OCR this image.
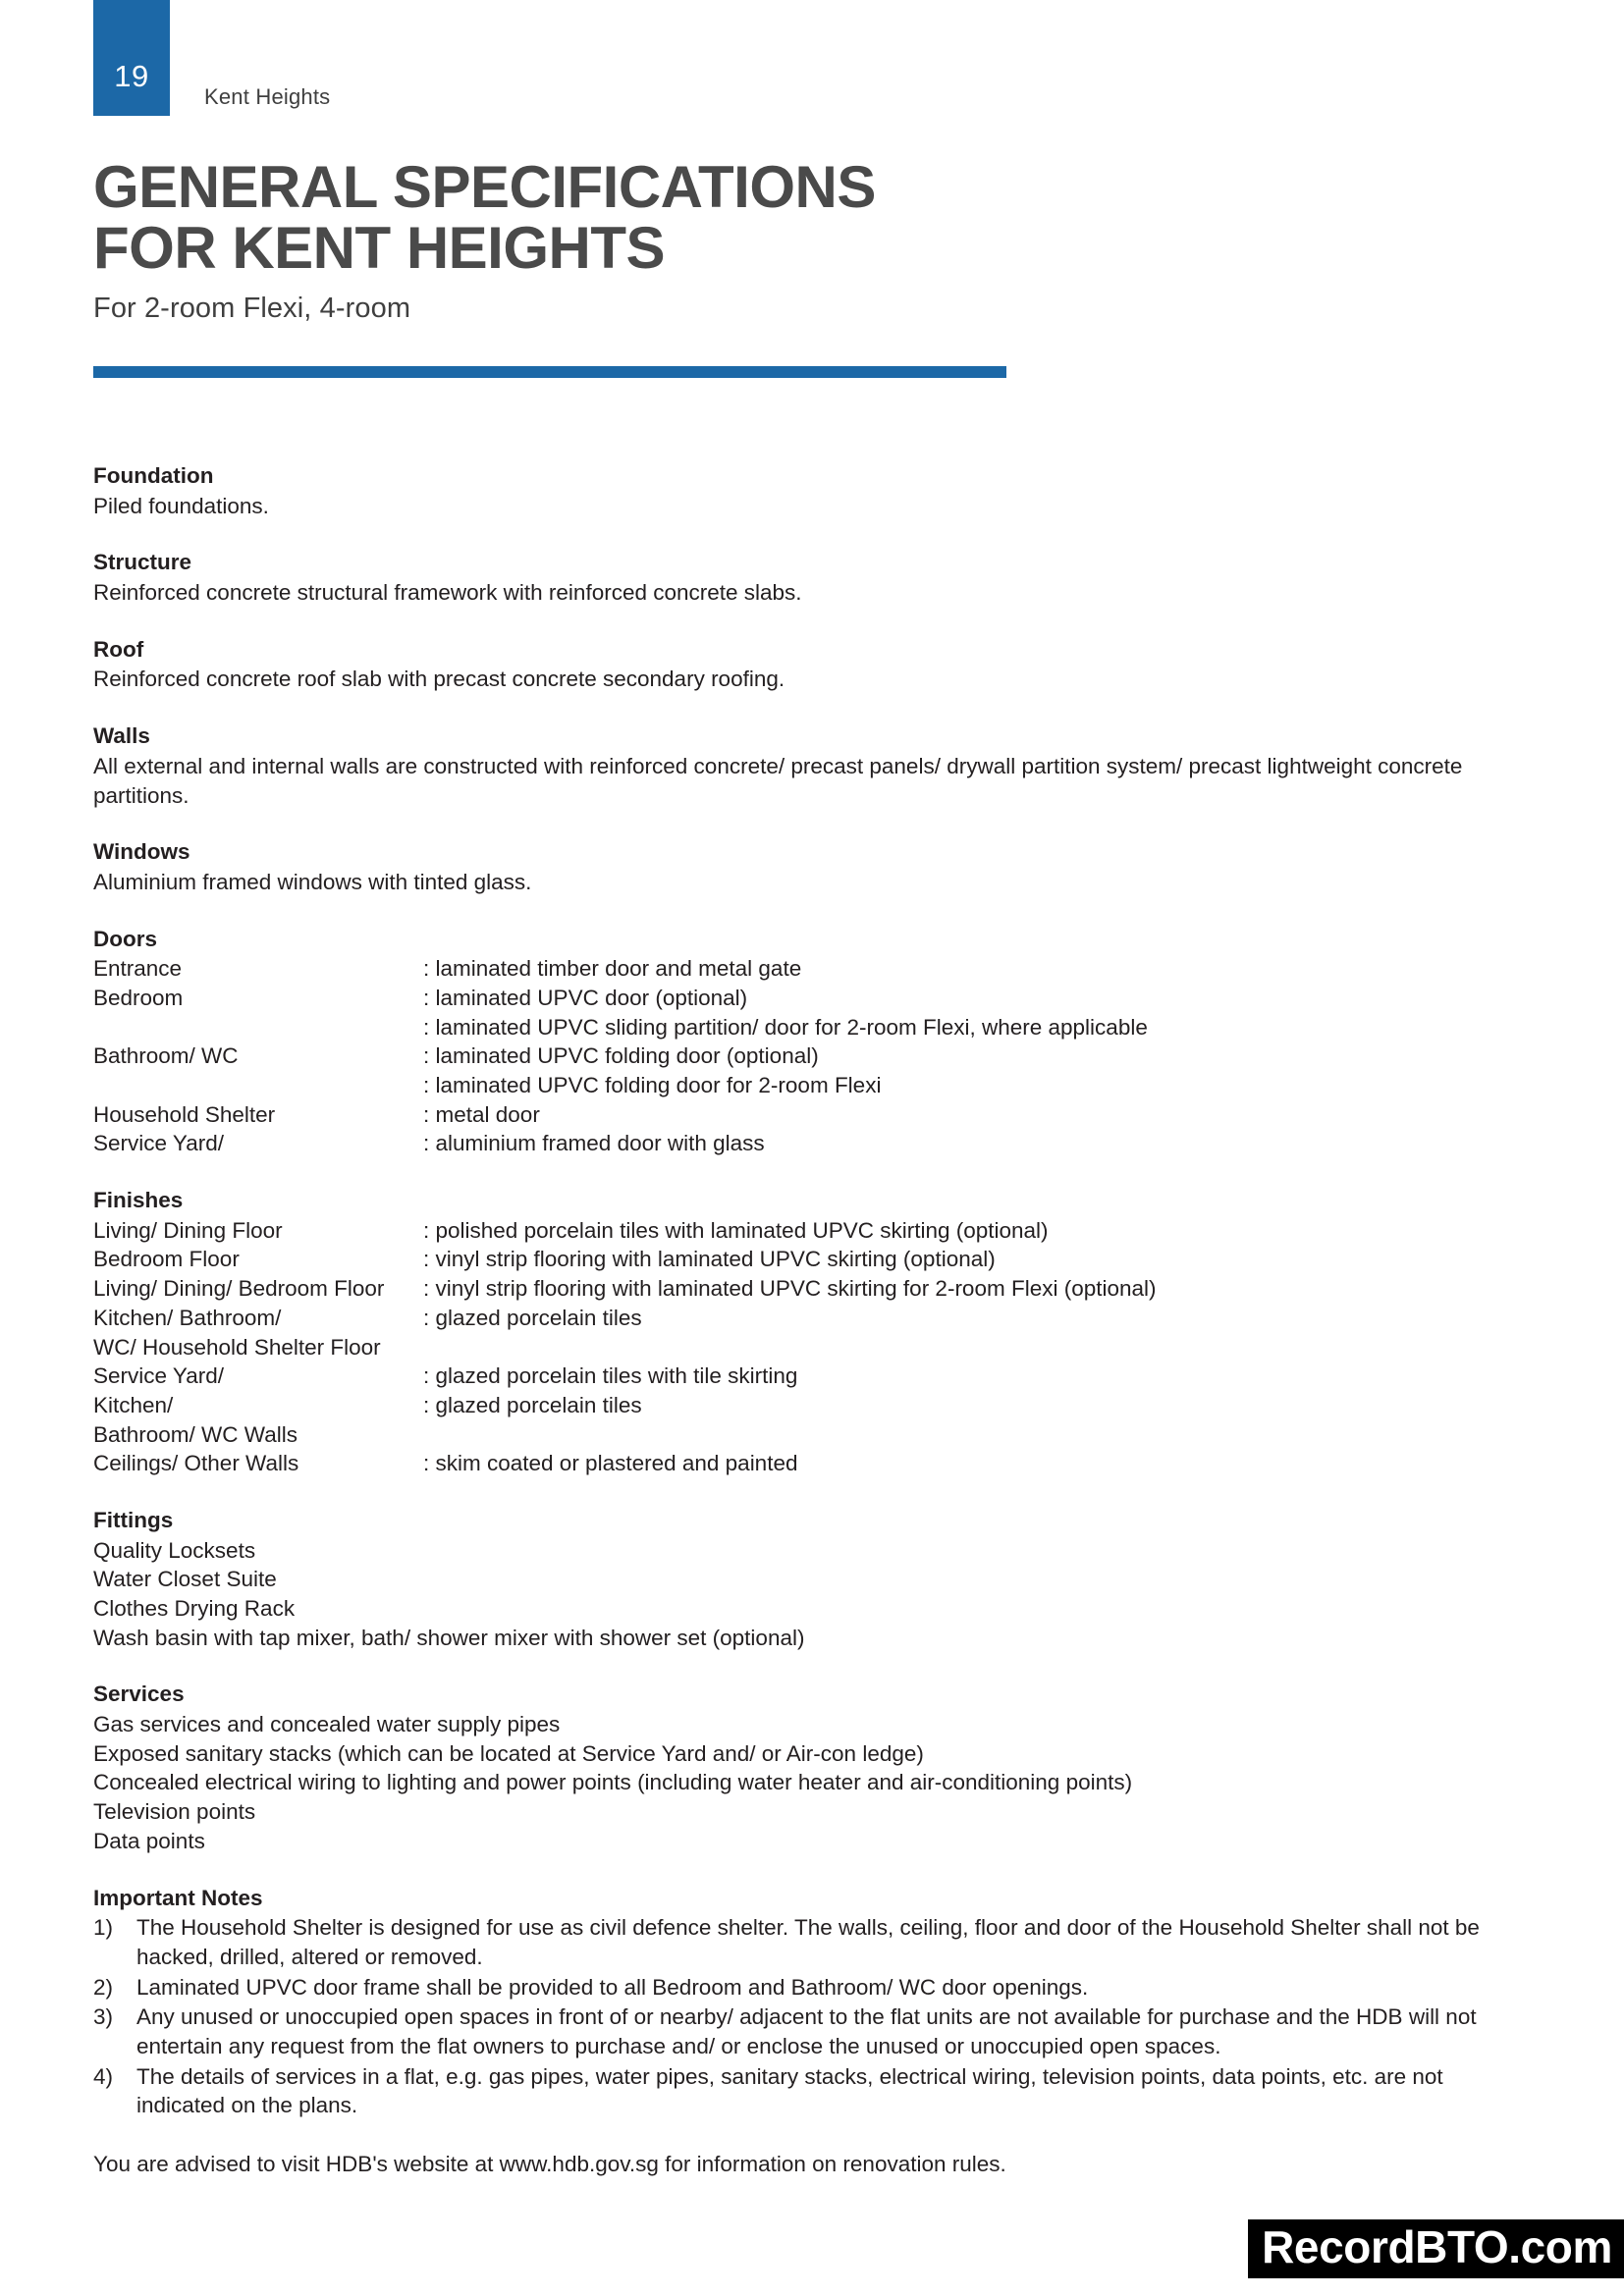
19
Kent Heights
GENERAL SPECIFICATIONS
FOR KENT HEIGHTS
For 2-room Flexi, 4-room
Foundation
Piled foundations.
Structure
Reinforced concrete structural framework with reinforced concrete slabs.
Roof
Reinforced concrete roof slab with precast concrete secondary roofing.
Walls
All external and internal walls are constructed with reinforced concrete/ precast panels/ drywall partition system/ precast lightweight concrete partitions.
Windows
Aluminium framed windows with tinted glass.
Doors
Entrance	: laminated timber door and metal gate
Bedroom	: laminated UPVC door (optional)
: laminated UPVC sliding partition/ door for 2-room Flexi, where applicable
Bathroom/ WC	: laminated UPVC folding door (optional)
: laminated UPVC folding door for 2-room Flexi
Household Shelter	: metal door
Service Yard/	: aluminium framed door with glass
Finishes
Living/ Dining Floor	: polished porcelain tiles with laminated UPVC skirting (optional)
Bedroom Floor	: vinyl strip flooring with laminated UPVC skirting (optional)
Living/ Dining/ Bedroom Floor	: vinyl strip flooring with laminated UPVC skirting for 2-room Flexi (optional)
Kitchen/ Bathroom/	: glazed porcelain tiles
WC/ Household Shelter Floor
Service Yard/	: glazed porcelain tiles with tile skirting
Kitchen/	: glazed porcelain tiles
Bathroom/ WC Walls
Ceilings/ Other Walls	: skim coated or plastered and painted
Fittings
Quality Locksets
Water Closet Suite
Clothes Drying Rack
Wash basin with tap mixer, bath/ shower mixer with shower set (optional)
Services
Gas services and concealed water supply pipes
Exposed sanitary stacks (which can be located at Service Yard and/ or Air-con ledge)
Concealed electrical wiring to lighting and power points (including water heater and air-conditioning points)
Television points
Data points
Important Notes
1)	The Household Shelter is designed for use as civil defence shelter. The walls, ceiling, floor and door of the Household Shelter shall not be hacked, drilled, altered or removed.
2)	Laminated UPVC door frame shall be provided to all Bedroom and Bathroom/ WC door openings.
3)	Any unused or unoccupied open spaces in front of or nearby/ adjacent to the flat units are not available for purchase and the HDB will not entertain any request from the flat owners to purchase and/ or enclose the unused or unoccupied open spaces.
4)	The details of services in a flat, e.g. gas pipes, water pipes, sanitary stacks, electrical wiring, television points, data points, etc. are not indicated on the plans.
You are advised to visit HDB's website at www.hdb.gov.sg for information on renovation rules.
RecordBTO.com
